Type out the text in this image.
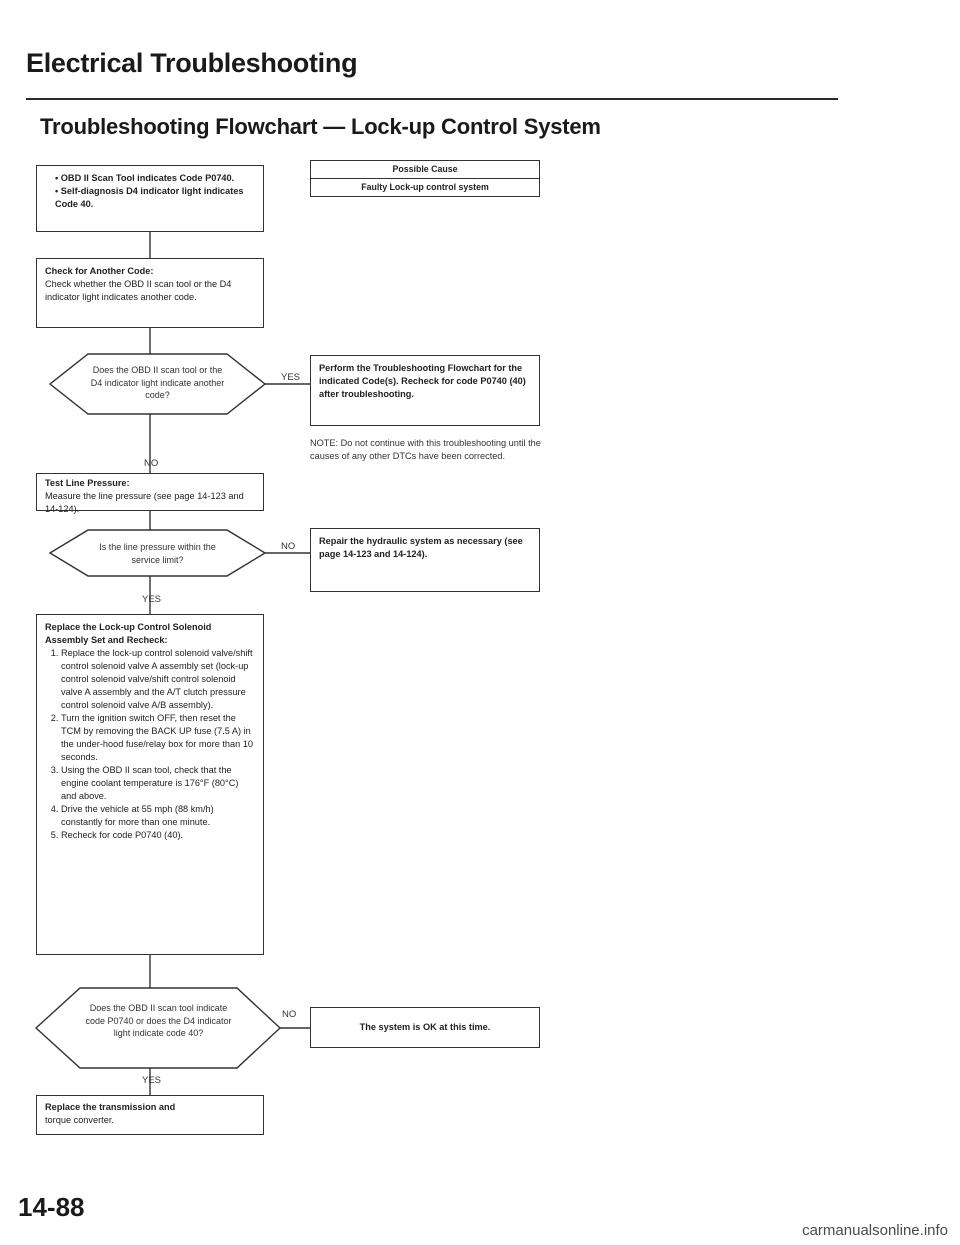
Electrical Troubleshooting
Troubleshooting Flowchart — Lock-up Control System
• OBD II Scan Tool indicates Code P0740.
• Self-diagnosis D4 indicator light indicates Code 40.
Possible Cause
Faulty Lock-up control system
Check for Another Code:
Check whether the OBD II scan tool or the D4 indicator light indicates another code.
Does the OBD II scan tool or the D4 indicator light indicate another code?
YES
NO
Perform the Troubleshooting Flowchart for the indicated Code(s). Recheck for code P0740 (40) after troubleshooting.
NOTE: Do not continue with this troubleshooting until the causes of any other DTCs have been corrected.
Test Line Pressure:
Measure the line pressure (see page 14-123 and 14-124).
Is the line pressure within the service limit?
NO
YES
Repair the hydraulic system as necessary (see page 14-123 and 14-124).
Replace the Lock-up Control Solenoid Assembly Set and Recheck:
1. Replace the lock-up control solenoid valve/shift control solenoid valve A assembly set (lock-up control solenoid valve/shift control solenoid valve A assembly and the A/T clutch pressure control solenoid valve A/B assembly).
2. Turn the ignition switch OFF, then reset the TCM by removing the BACK UP fuse (7.5 A) in the under-hood fuse/relay box for more than 10 seconds.
3. Using the OBD II scan tool, check that the engine coolant temperature is 176°F (80°C) and above.
4. Drive the vehicle at 55 mph (88 km/h) constantly for more than one minute.
5. Recheck for code P0740 (40).
Does the OBD II scan tool indicate code P0740 or does the D4 indicator light indicate code 40?
NO
YES
The system is OK at this time.
Replace the transmission and
torque converter.
14-88
carmanualsonline.info
